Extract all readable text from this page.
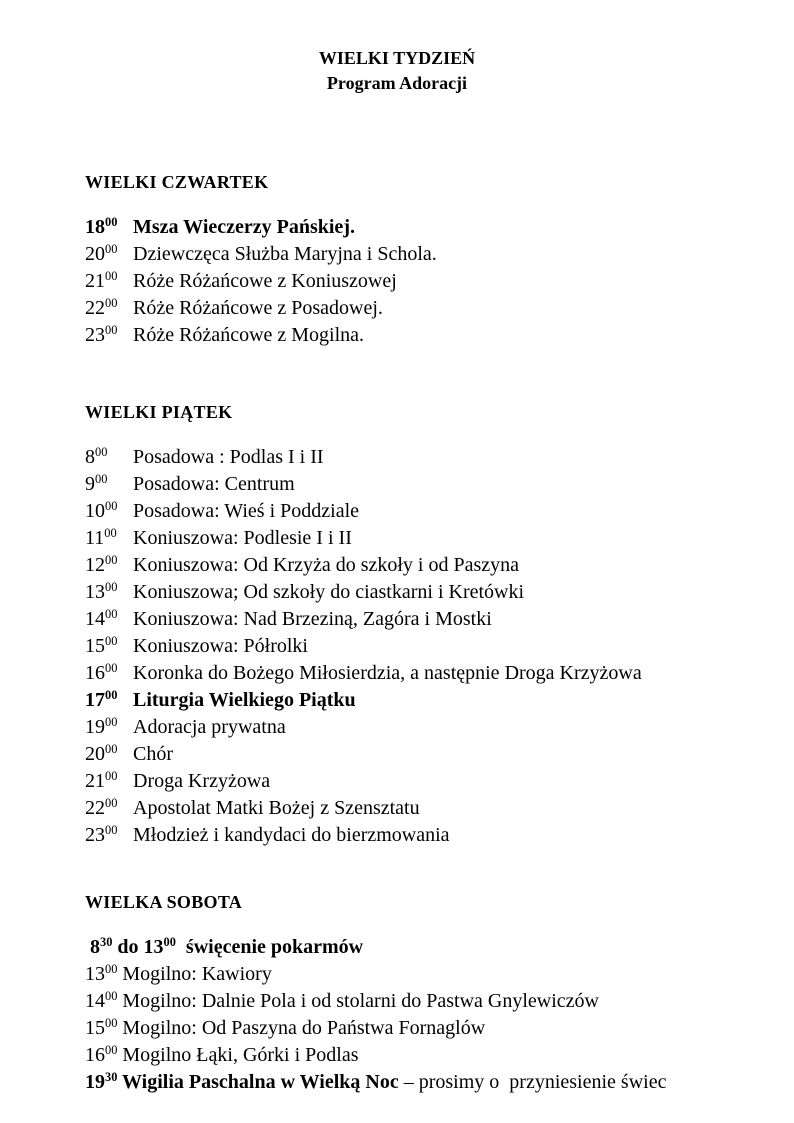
WIELKI TYDZIEŃ
Program Adoracji
WIELKI CZWARTEK
$18^{00}$ Msza Wieczerzy Pańskiej.
$20^{00}$ Dziewczęca Służba Maryjna i Schola.
$21^{00}$ Róże Różańcowe z Koniuszowej
$22^{00}$ Róże Różańcowe z Posadowej.
$23^{00}$ Róże Różańcowe z Mogilna.
WIELKI PIĄTEK
$8^{00}$ Posadowa : Podlas I i II
$9^{00}$ Posadowa: Centrum
$10^{00}$ Posadowa: Wieś i Poddziale
$11^{00}$ Koniuszowa: Podlesie I i II
$12^{00}$ Koniuszowa: Od Krzyża do szkoły i od Paszyna
$13^{00}$ Koniuszowa; Od szkoły do ciastkarni i Kretówki
$14^{00}$ Koniuszowa: Nad Brzeziną, Zagóra i Mostki
$15^{00}$ Koniuszowa: Półrolki
$16^{00}$ Koronka do Bożego Miłosierdzia, a następnie Droga Krzyżowa
$17^{00}$ Liturgia Wielkiego Piątku
$19^{00}$ Adoracja prywatna
$20^{00}$ Chór
$21^{00}$ Droga Krzyżowa
$22^{00}$ Apostolat Matki Bożej z Szensztatu
$23^{00}$ Młodzież i kandydaci do bierzmowania
WIELKA SOBOTA
$8^{30}$ do $13^{00}$  święcenie pokarmów
$13^{00}$ Mogilno: Kawiory
$14^{00}$ Mogilno: Dalnie Pola i od stolarni do Pastwa Gnylewiczów
$15^{00}$ Mogilno: Od Paszyna do Państwa Fornaglów
$16^{00}$ Mogilno Łąki, Górki i Podlas
$19^{30}$ Wigilia Paschalna w Wielką Noc – prosimy o  przyniesienie świec
